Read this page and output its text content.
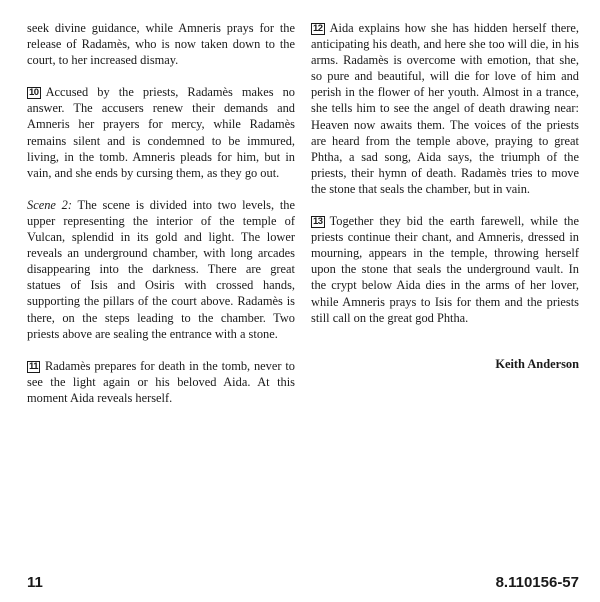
seek divine guidance, while Amneris prays for the release of Radamès, who is now taken down to the court, to her increased dismay.

10 Accused by the priests, Radamès makes no answer. The accusers renew their demands and Amneris her prayers for mercy, while Radamès remains silent and is condemned to be immured, living, in the tomb. Amneris pleads for him, but in vain, and she ends by cursing them, as they go out.

Scene 2: The scene is divided into two levels, the upper representing the interior of the temple of Vulcan, splendid in its gold and light. The lower reveals an underground chamber, with long arcades disappearing into the darkness. There are great statues of Isis and Osiris with crossed hands, supporting the pillars of the court above. Radamès is there, on the steps leading to the chamber. Two priests above are sealing the entrance with a stone.

11 Radamès prepares for death in the tomb, never to see the light again or his beloved Aida. At this moment Aida reveals herself.

12 Aida explains how she has hidden herself there, anticipating his death, and here she too will die, in his arms. Radamès is overcome with emotion, that she, so pure and beautiful, will die for love of him and perish in the flower of her youth. Almost in a trance, she tells him to see the angel of death drawing near: Heaven now awaits them. The voices of the priests are heard from the temple above, praying to great Phtha, a sad song, Aida says, the triumph of the priests, their hymn of death. Radamès tries to move the stone that seals the chamber, but in vain.

13 Together they bid the earth farewell, while the priests continue their chant, and Amneris, dressed in mourning, appears in the temple, throwing herself upon the stone that seals the underground vault. In the crypt below Aida dies in the arms of her lover, while Amneris prays to Isis for them and the priests still call on the great god Phtha.

Keith Anderson
11	8.110156-57
